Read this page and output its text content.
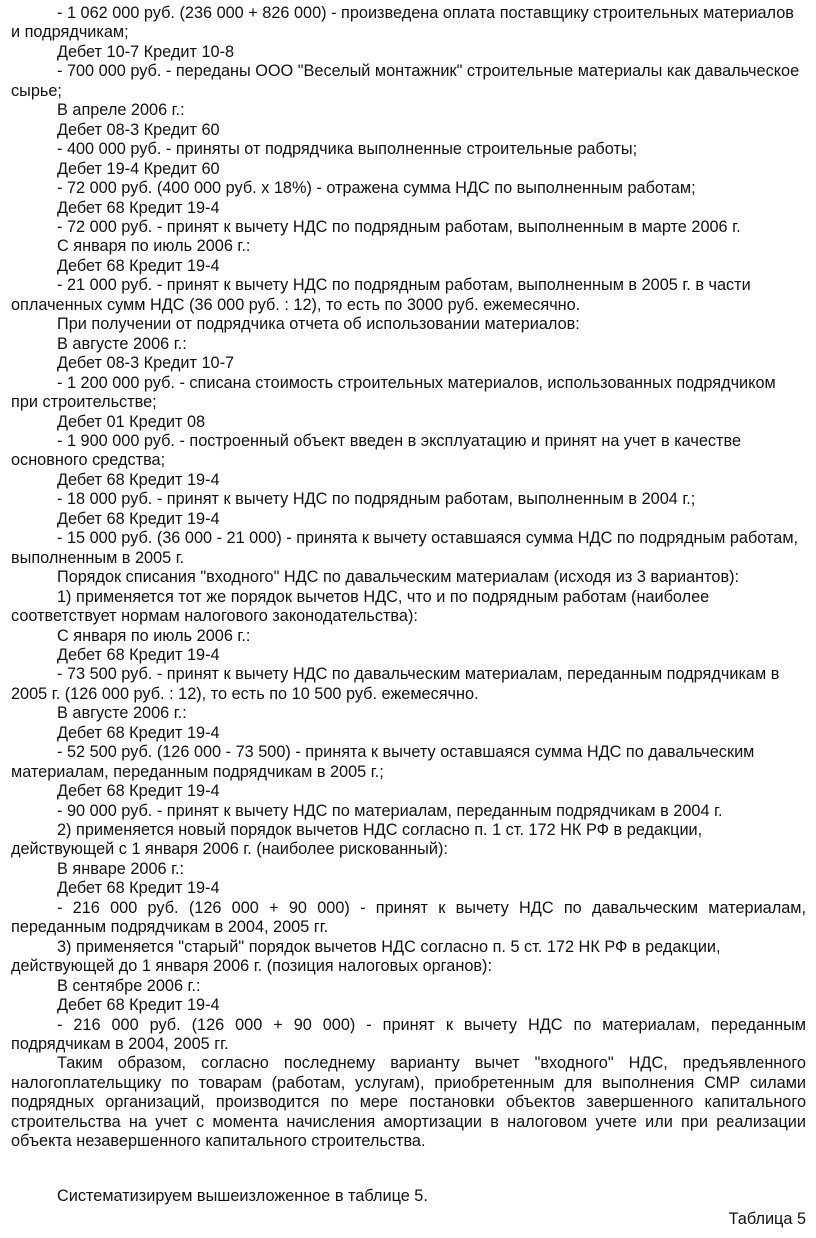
- 1 062 000 руб. (236 000 + 826 000) - произведена оплата поставщику строительных материалов и подрядчикам;

Дебет 10-7 Кредит 10-8

- 700 000 руб. - переданы ООО "Веселый монтажник" строительные материалы как давальческое сырье;

В апреле 2006 г.:

Дебет 08-3 Кредит 60

- 400 000 руб. - приняты от подрядчика выполненные строительные работы;

Дебет 19-4 Кредит 60

- 72 000 руб. (400 000 руб. x 18%) - отражена сумма НДС по выполненным работам;

Дебет 68 Кредит 19-4

- 72 000 руб. - принят к вычету НДС по подрядным работам, выполненным в марте 2006 г.

С января по июль 2006 г.:

Дебет 68 Кредит 19-4

- 21 000 руб. - принят к вычету НДС по подрядным работам, выполненным в 2005 г. в части оплаченных сумм НДС (36 000 руб. : 12), то есть по 3000 руб. ежемесячно.

При получении от подрядчика отчета об использовании материалов:

В августе 2006 г.:

Дебет 08-3 Кредит 10-7

- 1 200 000 руб. - списана стоимость строительных материалов, использованных подрядчиком при строительстве;

Дебет 01 Кредит 08

- 1 900 000 руб. - построенный объект введен в эксплуатацию и принят на учет в качестве основного средства;

Дебет 68 Кредит 19-4

- 18 000 руб. - принят к вычету НДС по подрядным работам, выполненным в 2004 г.;

Дебет 68 Кредит 19-4

- 15 000 руб. (36 000 - 21 000) - принята к вычету оставшаяся сумма НДС по подрядным работам, выполненным в 2005 г.

Порядок списания "входного" НДС по давальческим материалам (исходя из 3 вариантов):

1) применяется тот же порядок вычетов НДС, что и по подрядным работам (наиболее соответствует нормам налогового законодательства):

С января по июль 2006 г.:

Дебет 68 Кредит 19-4

- 73 500 руб. - принят к вычету НДС по давальческим материалам, переданным подрядчикам в 2005 г. (126 000 руб. : 12), то есть по 10 500 руб. ежемесячно.

В августе 2006 г.:

Дебет 68 Кредит 19-4

- 52 500 руб. (126 000 - 73 500) - принята к вычету оставшаяся сумма НДС по давальческим материалам, переданным подрядчикам в 2005 г.;

Дебет 68 Кредит 19-4

- 90 000 руб. - принят к вычету НДС по материалам, переданным подрядчикам в 2004 г.

2) применяется новый порядок вычетов НДС согласно п. 1 ст. 172 НК РФ в редакции, действующей с 1 января 2006 г. (наиболее рискованный):

В январе 2006 г.:

Дебет 68 Кредит 19-4

- 216 000 руб. (126 000 + 90 000) - принят к вычету НДС по давальческим материалам, переданным подрядчикам в 2004, 2005 гг.

3) применяется "старый" порядок вычетов НДС согласно п. 5 ст. 172 НК РФ в редакции, действующей до 1 января 2006 г. (позиция налоговых органов):

В сентябре 2006 г.:

Дебет 68 Кредит 19-4

- 216 000 руб. (126 000 + 90 000) - принят к вычету НДС по материалам, переданным подрядчикам в 2004, 2005 гг.

Таким образом, согласно последнему варианту вычет "входного" НДС, предъявленного налогоплательщику по товарам (работам, услугам), приобретенным для выполнения СМР силами подрядных организаций, производится по мере постановки объектов завершенного капитального строительства на учет с момента начисления амортизации в налоговом учете или при реализации объекта незавершенного капитального строительства.

Систематизируем вышеизложенное в таблице 5.

Таблица 5
